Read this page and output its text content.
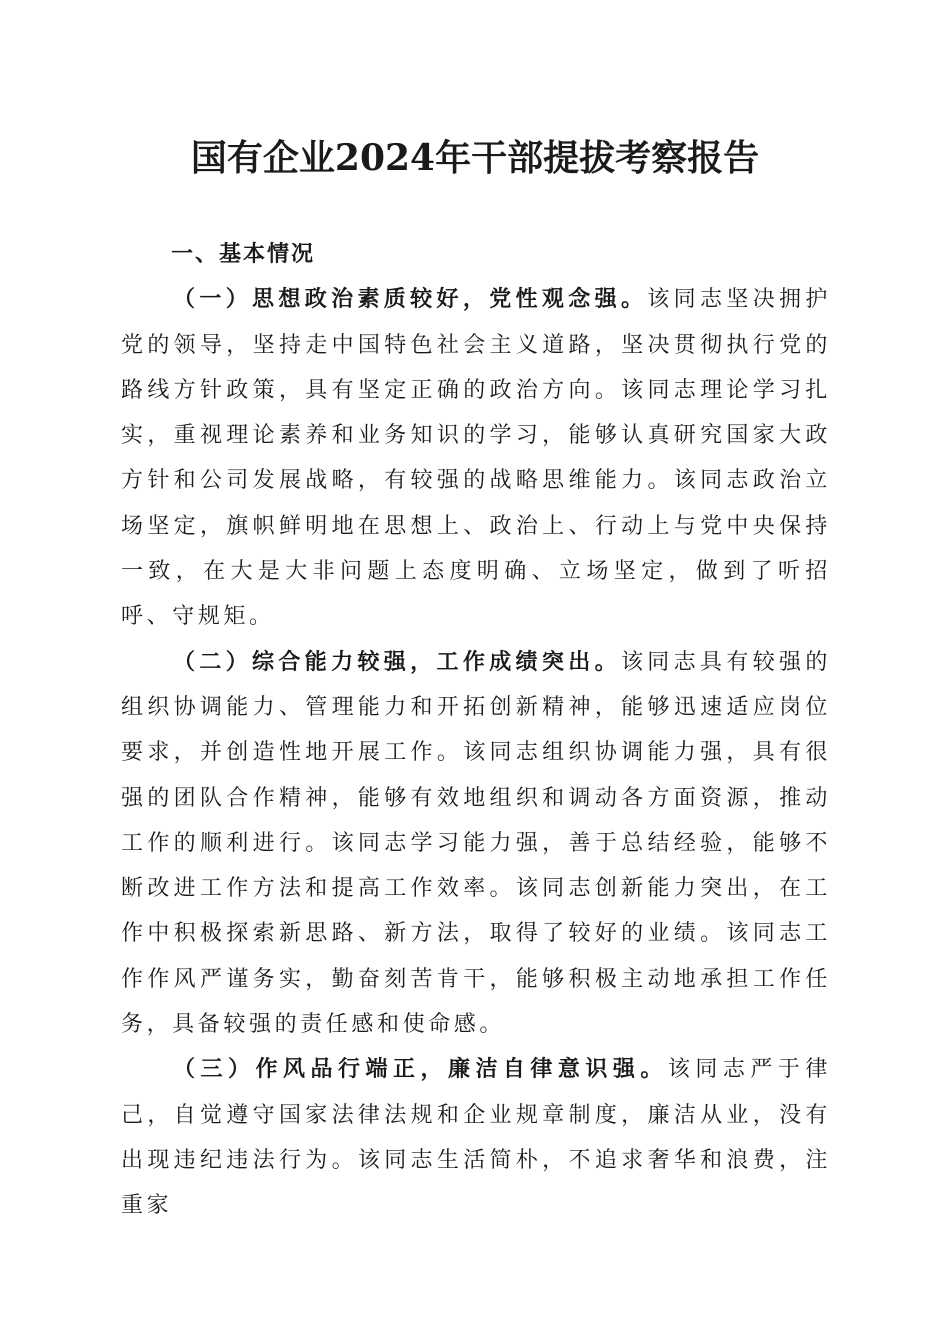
国有企业2024年干部提拔考察报告

一、基本情况

（一）思想政治素质较好，党性观念强。该同志坚决拥护党的领导，坚持走中国特色社会主义道路，坚决贯彻执行党的路线方针政策，具有坚定正确的政治方向。该同志理论学习扎实，重视理论素养和业务知识的学习，能够认真研究国家大政方针和公司发展战略，有较强的战略思维能力。该同志政治立场坚定，旗帜鲜明地在思想上、政治上、行动上与党中央保持一致，在大是大非问题上态度明确、立场坚定，做到了听招呼、守规矩。

（二）综合能力较强，工作成绩突出。该同志具有较强的组织协调能力、管理能力和开拓创新精神，能够迅速适应岗位要求，并创造性地开展工作。该同志组织协调能力强，具有很强的团队合作精神，能够有效地组织和调动各方面资源，推动工作的顺利进行。该同志学习能力强，善于总结经验，能够不断改进工作方法和提高工作效率。该同志创新能力突出，在工作中积极探索新思路、新方法，取得了较好的业绩。该同志工作作风严谨务实，勤奋刻苦肯干，能够积极主动地承担工作任务，具备较强的责任感和使命感。

（三）作风品行端正，廉洁自律意识强。该同志严于律己，自觉遵守国家法律法规和企业规章制度，廉洁从业，没有出现违纪违法行为。该同志生活简朴，不追求奢华和浪费，注重家
